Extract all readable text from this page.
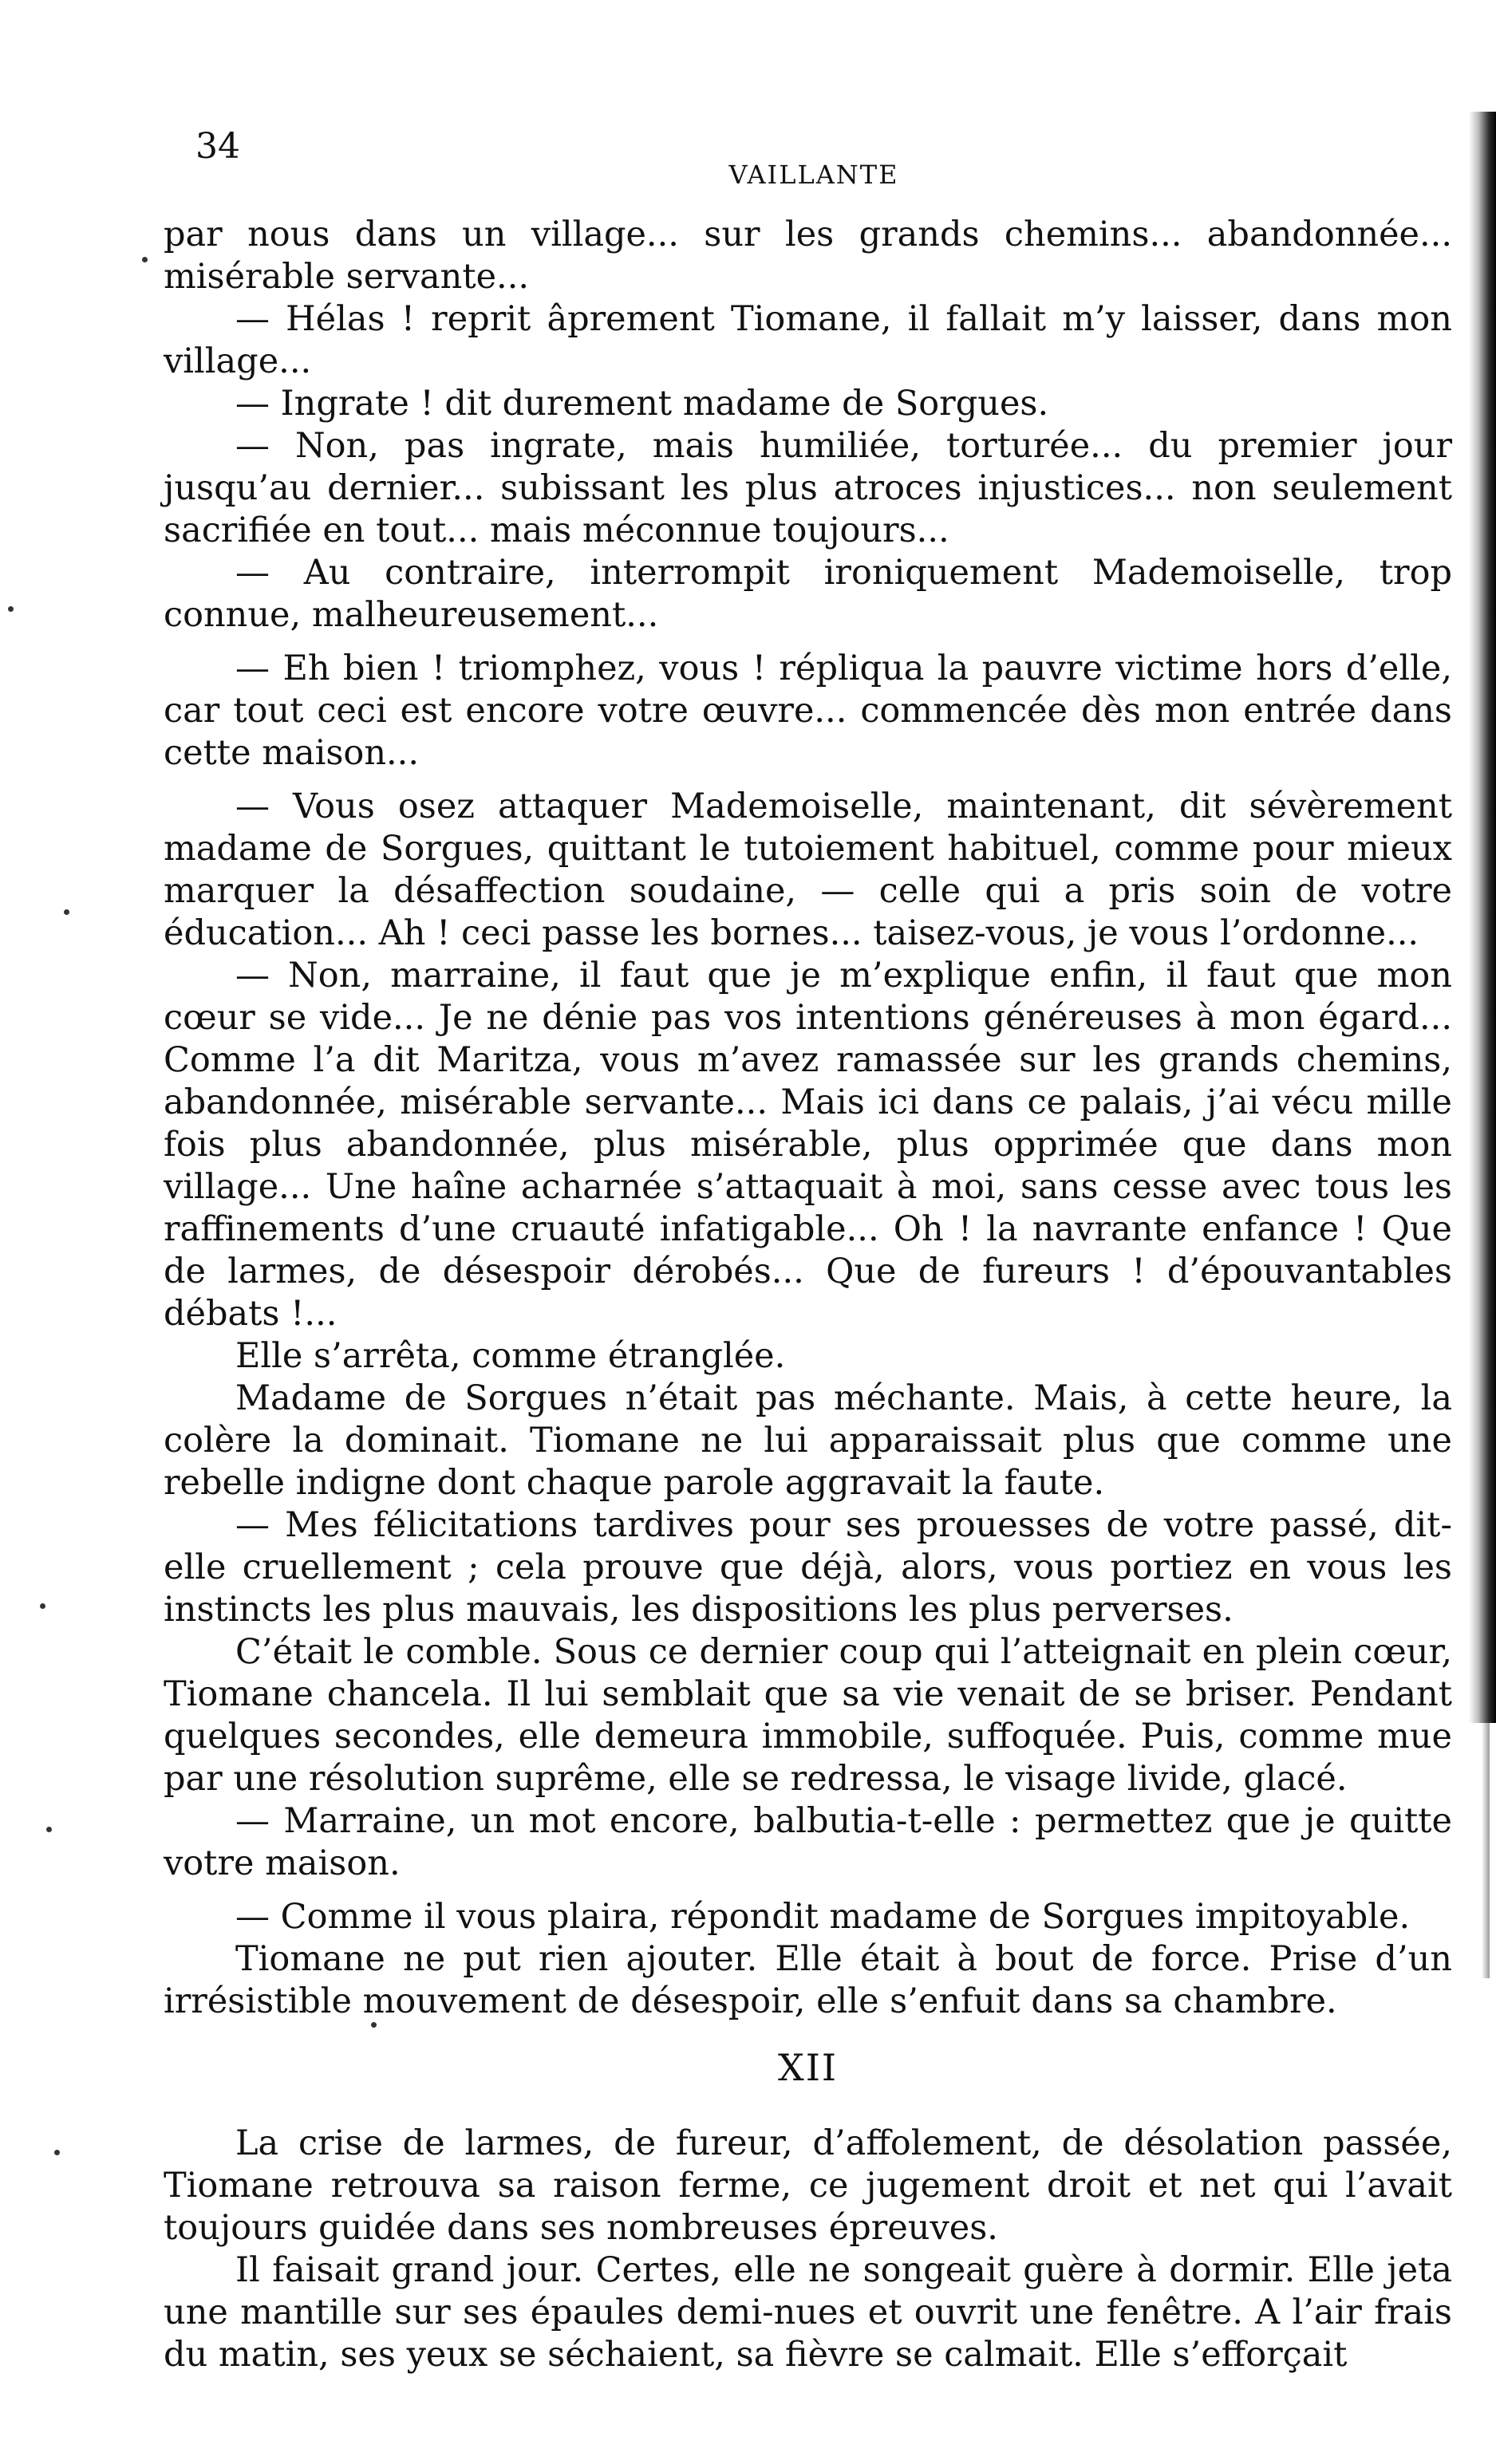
34
VAILLANTE

par nous dans un village... sur les grands chemins... abandonnée... misérable servante...

— Hélas ! reprit âprement Tiomane, il fallait m’y laisser, dans mon village...

— Ingrate ! dit durement madame de Sorgues.

— Non, pas ingrate, mais humiliée, torturée... du premier jour jusqu’au dernier... subissant les plus atroces injustices... non seulement sacrifiée en tout... mais méconnue toujours...

— Au contraire, interrompit ironiquement Mademoiselle, trop connue, malheureusement...

— Eh bien ! triomphez, vous ! répliqua la pauvre victime hors d’elle, car tout ceci est encore votre œuvre... commencée dès mon entrée dans cette maison...

— Vous osez attaquer Mademoiselle, maintenant, dit sévèrement madame de Sorgues, quittant le tutoiement habituel, comme pour mieux marquer la désaffection soudaine, — celle qui a pris soin de votre éducation... Ah ! ceci passe les bornes... taisez-vous, je vous l’ordonne...

— Non, marraine, il faut que je m’explique enfin, il faut que mon cœur se vide... Je ne dénie pas vos intentions généreuses à mon égard... Comme l’a dit Maritza, vous m’avez ramassée sur les grands chemins, abandonnée, misérable servante... Mais ici dans ce palais, j’ai vécu mille fois plus abandonnée, plus misérable, plus opprimée que dans mon village... Une haîne acharnée s’attaquait à moi, sans cesse avec tous les raffinements d’une cruauté infatigable... Oh ! la navrante enfance ! Que de larmes, de désespoir dérobés... Que de fureurs ! d’épouvantables débats !...

Elle s’arrêta, comme étranglée.

Madame de Sorgues n’était pas méchante. Mais, à cette heure, la colère la dominait. Tiomane ne lui apparaissait plus que comme une rebelle indigne dont chaque parole aggravait la faute.

— Mes félicitations tardives pour ses prouesses de votre passé, dit-elle cruellement ; cela prouve que déjà, alors, vous portiez en vous les instincts les plus mauvais, les dispositions les plus perverses.

C’était le comble. Sous ce dernier coup qui l’atteignait en plein cœur, Tiomane chancela. Il lui semblait que sa vie venait de se briser. Pendant quelques secondes, elle demeura immobile, suffoquée. Puis, comme mue par une résolution suprême, elle se redressa, le visage livide, glacé.

— Marraine, un mot encore, balbutia-t-elle : permettez que je quitte votre maison.

— Comme il vous plaira, répondit madame de Sorgues impitoyable.

Tiomane ne put rien ajouter. Elle était à bout de force. Prise d’un irrésistible mouvement de désespoir, elle s’enfuit dans sa chambre.

XII

La crise de larmes, de fureur, d’affolement, de désolation passée, Tiomane retrouva sa raison ferme, ce jugement droit et net qui l’avait toujours guidée dans ses nombreuses épreuves.

Il faisait grand jour. Certes, elle ne songeait guère à dormir. Elle jeta une mantille sur ses épaules demi-nues et ouvrit une fenêtre. A l’air frais du matin, ses yeux se séchaient, sa fièvre se calmait. Elle s’efforçait
